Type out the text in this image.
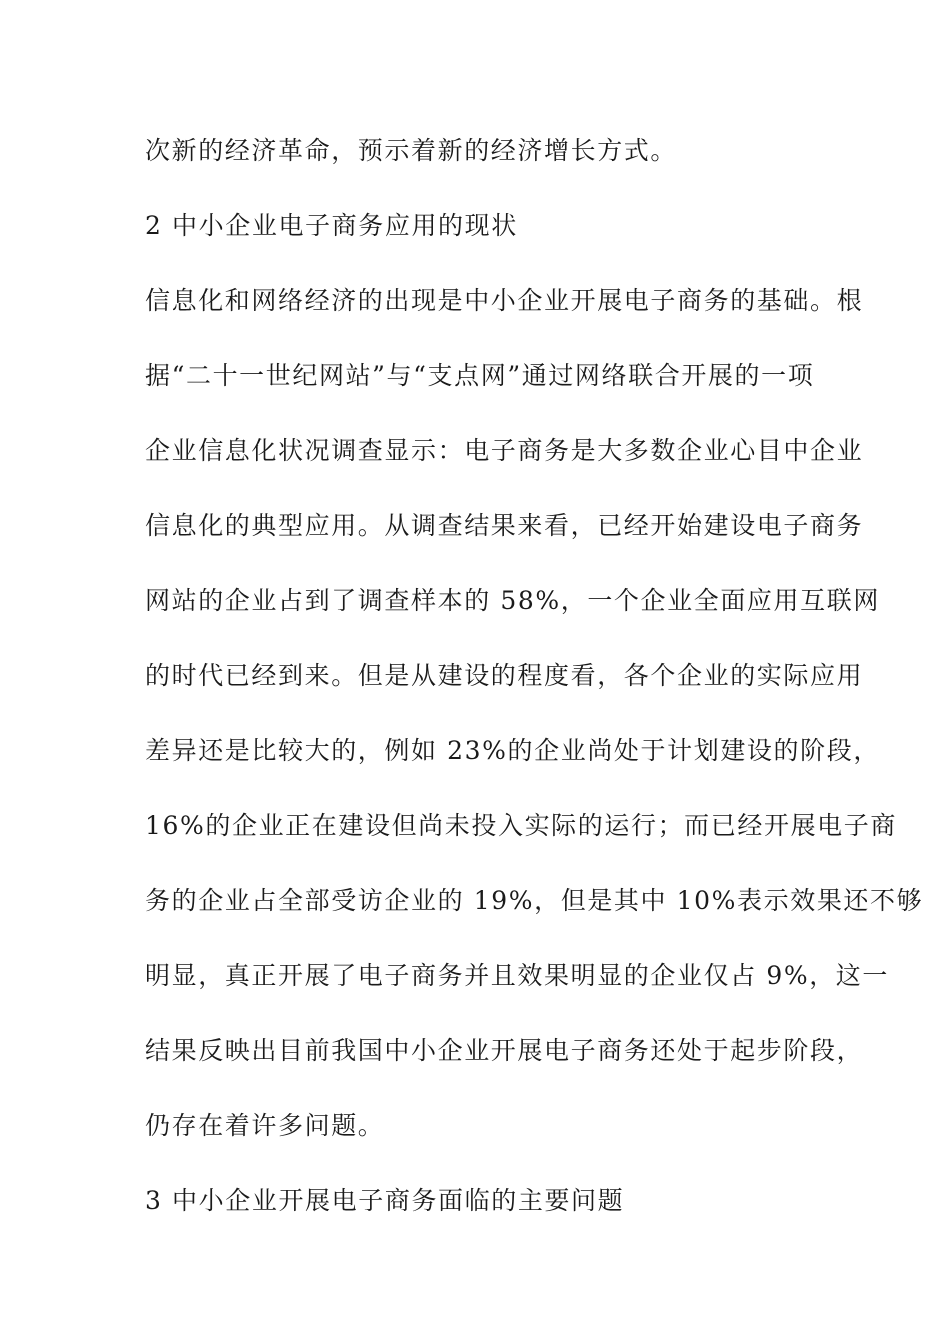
次新的经济革命，预示着新的经济增长方式。
2 中小企业电子商务应用的现状
信息化和网络经济的出现是中小企业开展电子商务的基础。根
据“二十一世纪网站”与“支点网”通过网络联合开展的一项
企业信息化状况调查显示：电子商务是大多数企业心目中企业
信息化的典型应用。从调查结果来看，已经开始建设电子商务
网站的企业占到了调查样本的 58%，一个企业全面应用互联网
的时代已经到来。但是从建设的程度看，各个企业的实际应用
差异还是比较大的，例如 23%的企业尚处于计划建设的阶段，
16%的企业正在建设但尚未投入实际的运行；而已经开展电子商
务的企业占全部受访企业的 19%，但是其中 10%表示效果还不够
明显，真正开展了电子商务并且效果明显的企业仅占 9%，这一
结果反映出目前我国中小企业开展电子商务还处于起步阶段，
仍存在着许多问题。
3 中小企业开展电子商务面临的主要问题
